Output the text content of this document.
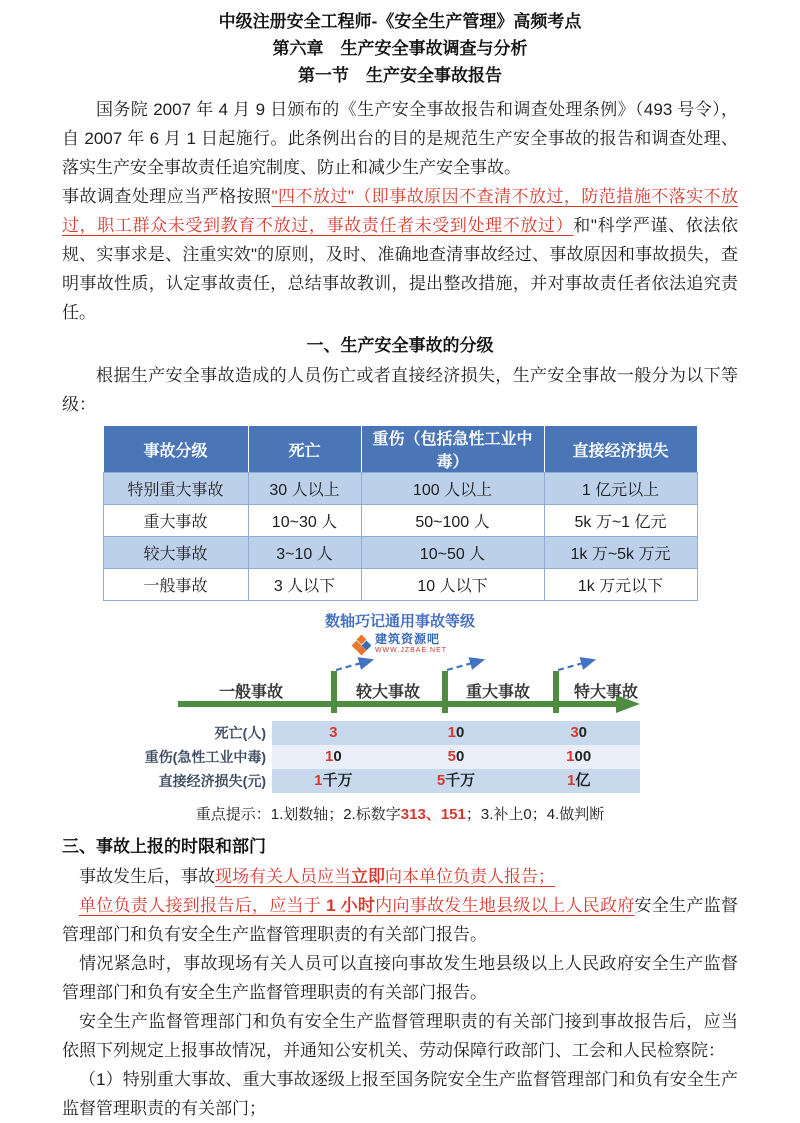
中级注册安全工程师-《安全生产管理》高频考点
第六章　生产安全事故调查与分析
第一节　生产安全事故报告

国务院 2007 年 4 月 9 日颁布的《生产安全事故报告和调查处理条例》（493 号令），自 2007 年 6 月 1 日起施行。此条例出台的目的是规范生产安全事故的报告和调查处理、落实生产安全事故责任追究制度、防止和减少生产安全事故。

事故调查处理应当严格按照"四不放过"（即事故原因不查清不放过，防范措施不落实不放过，职工群众未受到教育不放过，事故责任者未受到处理不放过）和"科学严谨、依法依规、实事求是、注重实效"的原则，及时、准确地查清事故经过、事故原因和事故损失，查明事故性质，认定事故责任，总结事故教训，提出整改措施，并对事故责任者依法追究责任。

一、生产安全事故的分级

根据生产安全事故造成的人员伤亡或者直接经济损失，生产安全事故一般分为以下等级：

事故分级	死亡	重伤（包括急性工业中毒）	直接经济损失
特别重大事故	30 人以上	100 人以上	1 亿元以上
重大事故	10~30 人	50~100 人	5k 万~1 亿元
较大事故	3~10 人	10~50 人	1k 万~5k 万元
一般事故	3 人以下	10 人以下	1k 万元以下
数轴巧记通用事故等级
建筑资源吧
WWW.JZBAE.NET
一般事故	较大事故	重大事故	特大事故
死亡(人)	3	10	30
重伤(急性工业中毒)	10	50	100
直接经济损失(元)	1千万	5千万	1亿
重点提示：1.划数轴；2.标数字313、151；3.补上0；4.做判断
三、事故上报的时限和部门

事故发生后，事故现场有关人员应当立即向本单位负责人报告；

单位负责人接到报告后，应当于 1 小时内向事故发生地县级以上人民政府安全生产监督管理部门和负有安全生产监督管理职责的有关部门报告。

情况紧急时，事故现场有关人员可以直接向事故发生地县级以上人民政府安全生产监督管理部门和负有安全生产监督管理职责的有关部门报告。

安全生产监督管理部门和负有安全生产监督管理职责的有关部门接到事故报告后，应当依照下列规定上报事故情况，并通知公安机关、劳动保障行政部门、工会和人民检察院：

（1）特别重大事故、重大事故逐级上报至国务院安全生产监督管理部门和负有安全生产监督管理职责的有关部门；

每日安全生产
